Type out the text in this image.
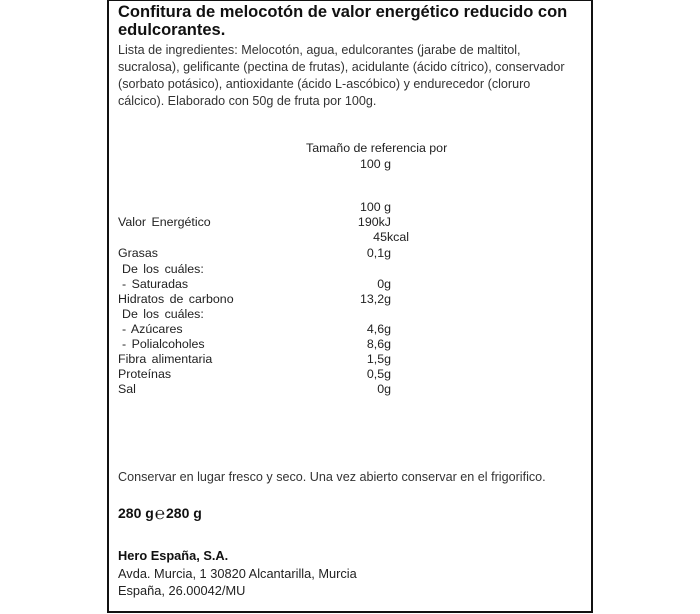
Confitura de melocotón de valor energético reducido con
edulcorantes.
Lista de ingredientes: Melocotón, agua, edulcorantes (jarabe de maltitol,
sucralosa), gelificante (pectina de frutas), acidulante (ácido cítrico), conservador
(sorbato potásico), antioxidante (ácido L-ascóbico) y endurecedor (cloruro
cálcico). Elaborado con 50g de fruta por 100g.
Tamaño de referencia por
100 g
100 g
Valor Energético	190kJ
45kcal
Grasas	0,1g
De los cuáles:
- Saturadas	0g
Hidratos de carbono	13,2g
De los cuáles:
- Azúcares	4,6g
- Polialcoholes	8,6g
Fibra alimentaria	1,5g
Proteínas	0,5g
Sal	0g
Conservar en lugar fresco y seco. Una vez abierto conservar en el frigorifico.
280 g℮280 g
Hero España, S.A.
Avda. Murcia, 1 30820 Alcantarilla, Murcia
España, 26.00042/MU
